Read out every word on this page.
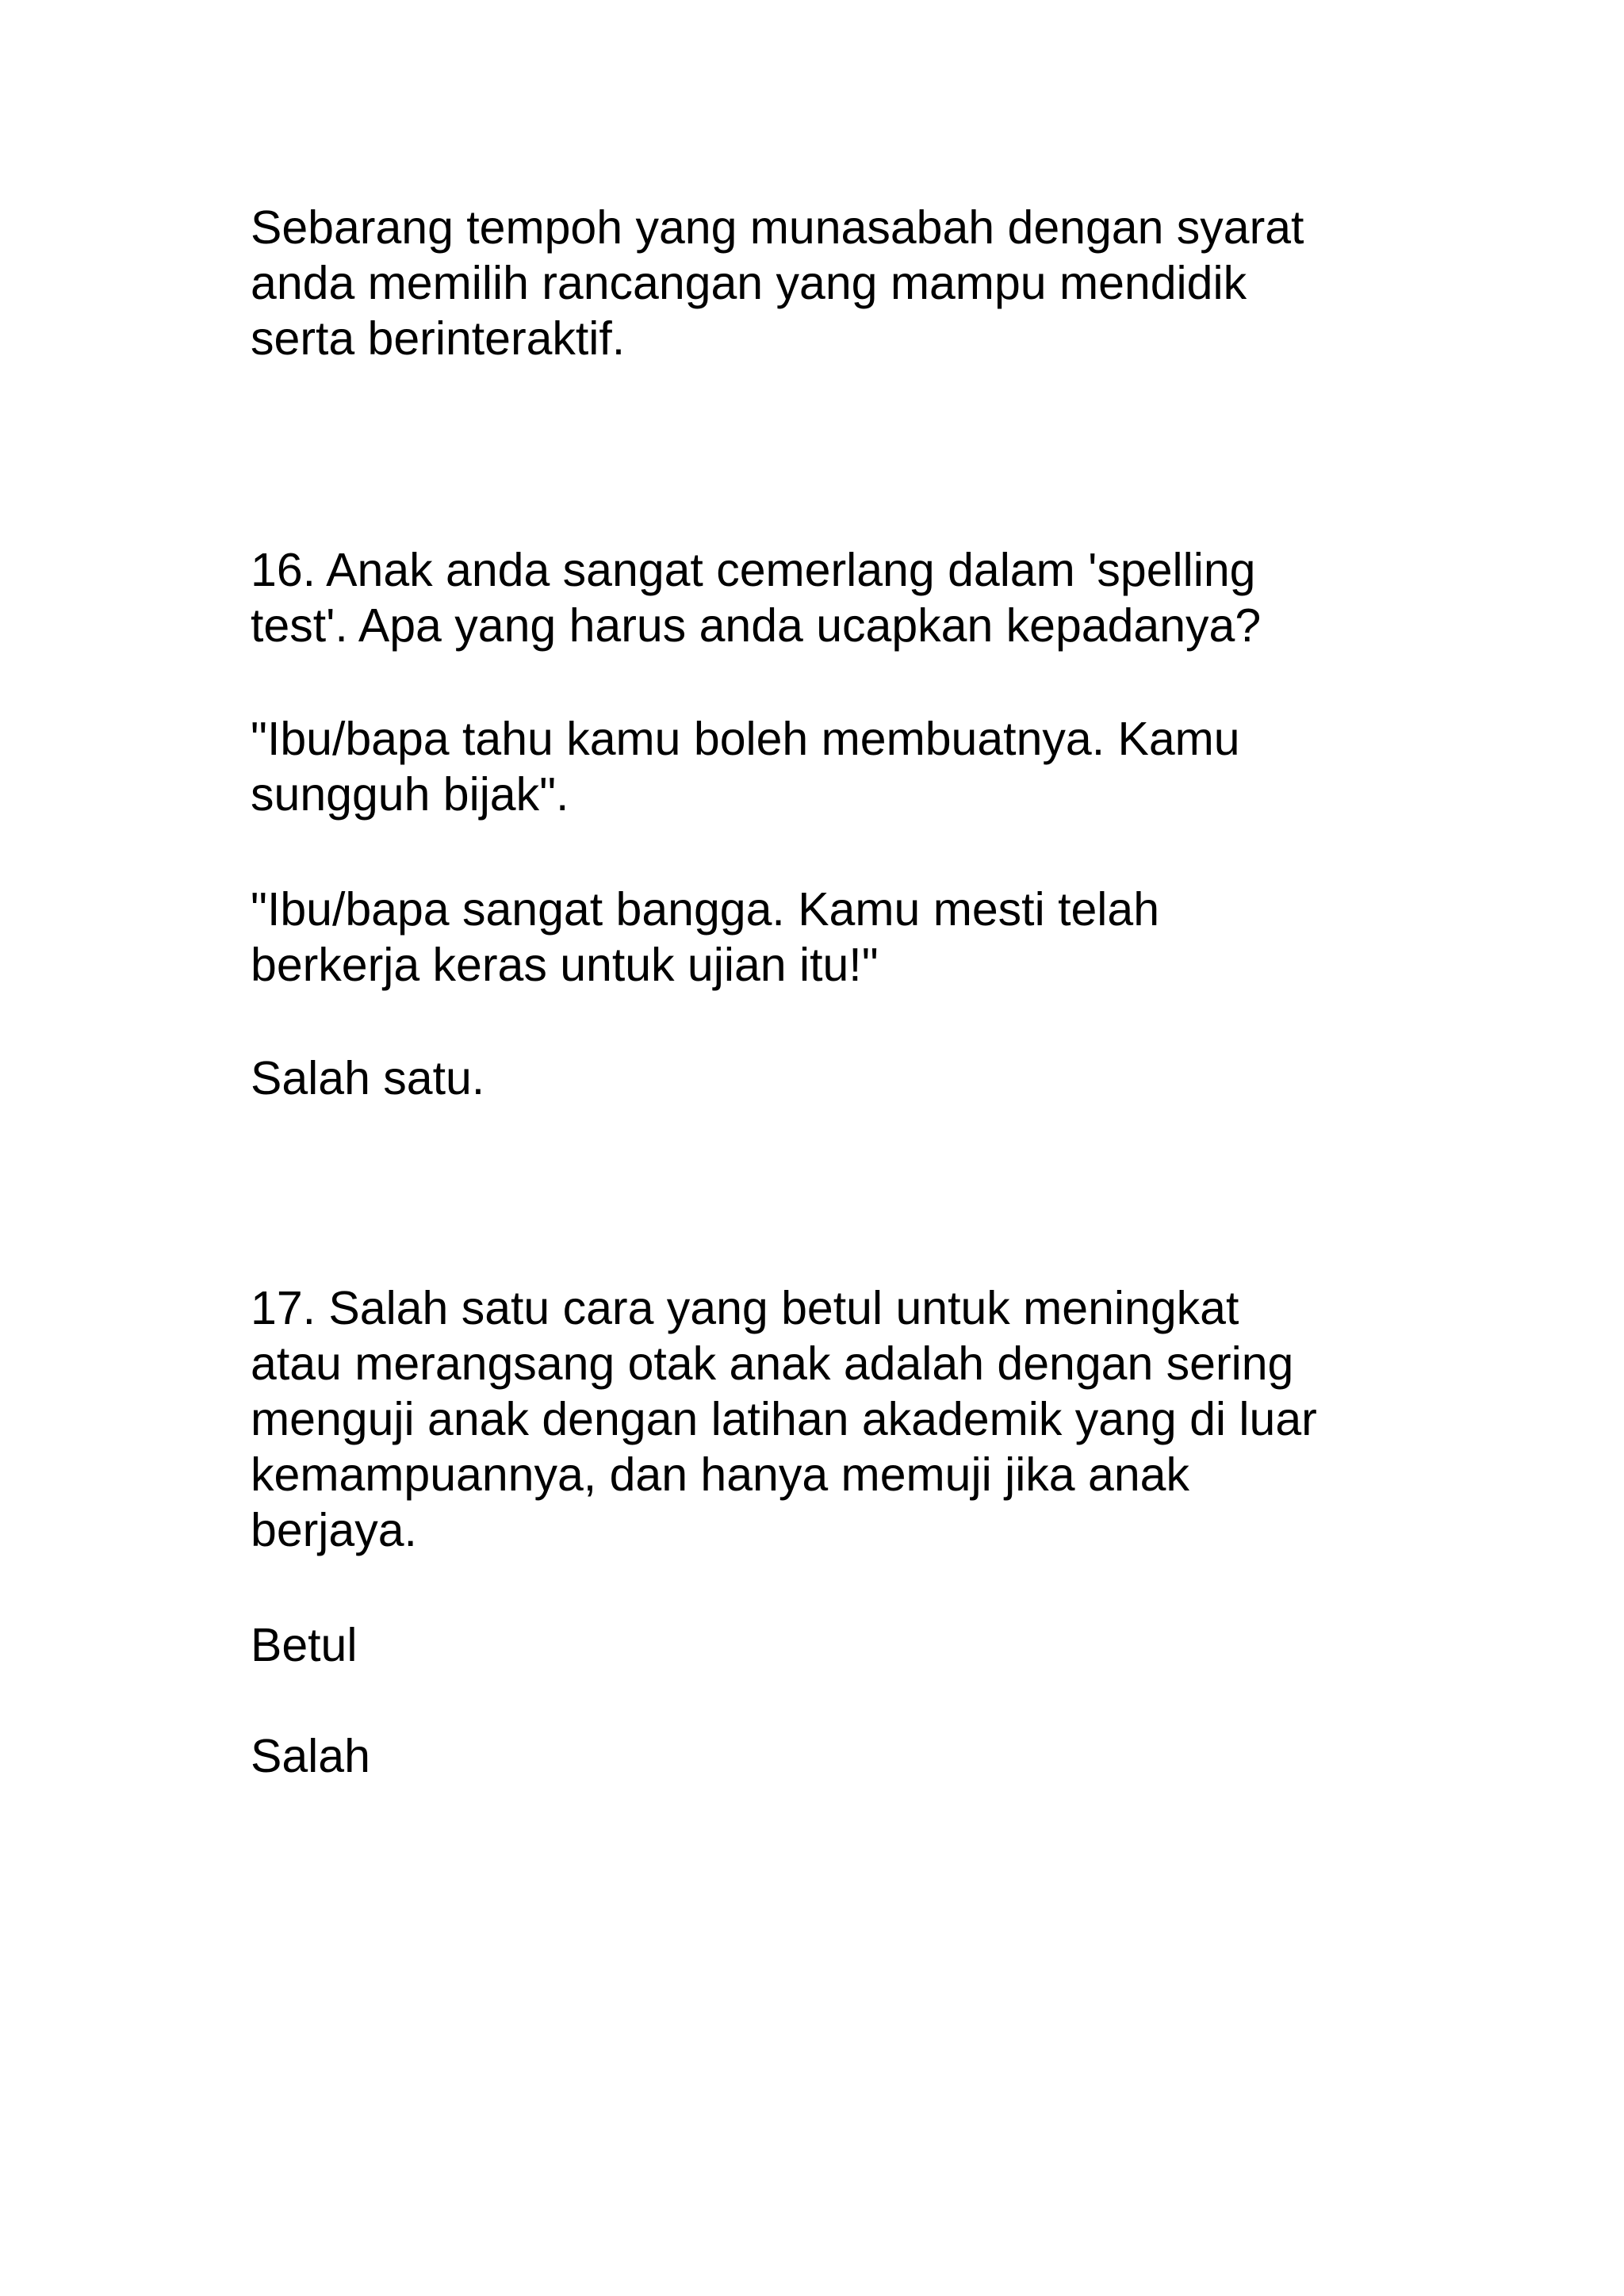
Sebarang tempoh yang munasabah dengan syarat
anda memilih rancangan yang mampu mendidik
serta berinteraktif.

16. Anak anda sangat cemerlang dalam 'spelling
test'. Apa yang harus anda ucapkan kepadanya?

"Ibu/bapa tahu kamu boleh membuatnya. Kamu
sungguh bijak".

"Ibu/bapa sangat bangga. Kamu mesti telah
berkerja keras untuk ujian itu!"

Salah satu.

17. Salah satu cara yang betul untuk meningkat
atau merangsang otak anak adalah dengan sering
menguji anak dengan latihan akademik yang di luar
kemampuannya, dan hanya memuji jika anak
berjaya.

Betul

Salah
